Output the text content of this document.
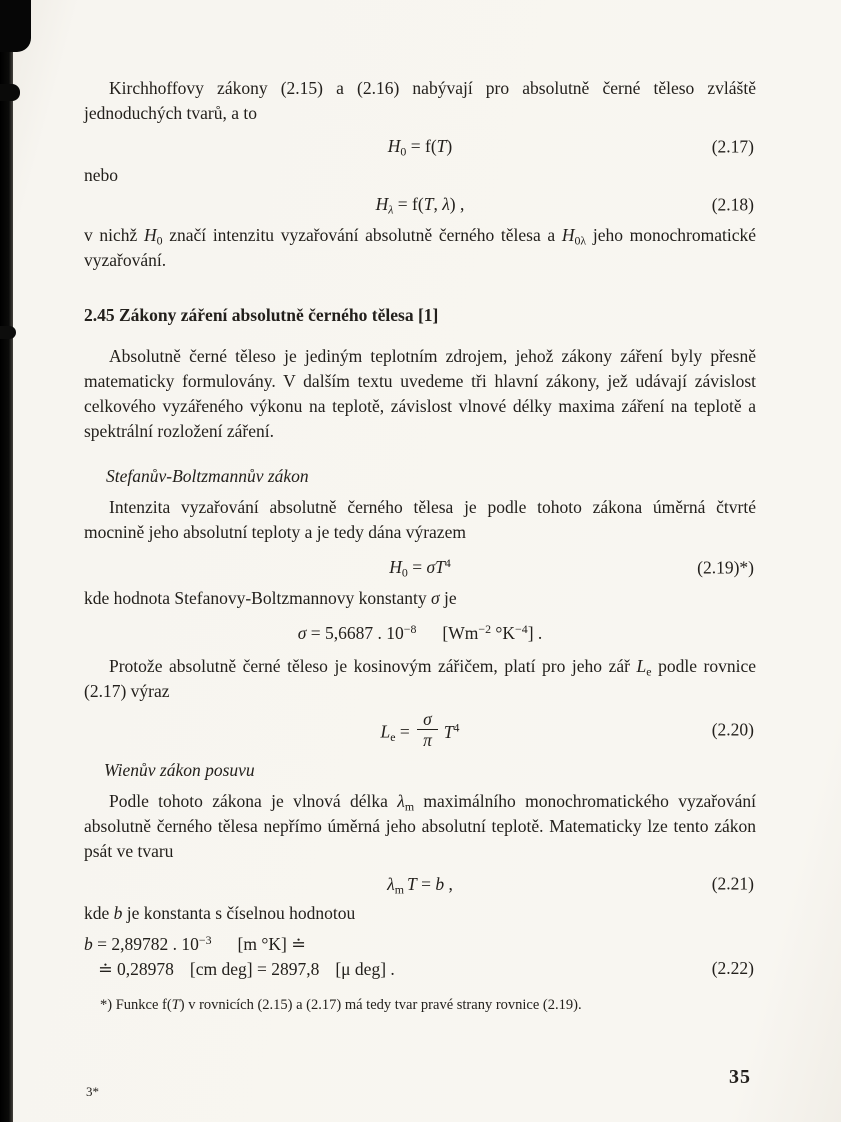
Kirchhoffovy zákony (2.15) a (2.16) nabývají pro absolutně černé těleso zvláště jednoduchých tvarů, a to

$H_0 = f(T)$	(2.17)

nebo

$H_\lambda = f(T$, λ) ,	(2.18)

v nichž $H_0$ značí intenzitu vyzařování absolutně černého tělesa a $H_{0\lambda}$ jeho monochromatické vyzařování.

2.45 Zákony záření absolutně černého tělesa [1]

Absolutně černé těleso je jediným teplotním zdrojem, jehož zákony záření byly přesně matematicky formulovány. V dalším textu uvedeme tři hlavní zákony, jež udávají závislost celkového vyzářeného výkonu na teplotě, závislost vlnové délky maxima záření na teplotě a spektrální rozložení záření.

Stefanův-Boltzmannův zákon

Intenzita vyzařování absolutně černého tělesa je podle tohoto zákona úměrná čtvrté mocnině jeho absolutní teploty a je tedy dána výrazem

$H_0 = \sigma T^4$	(2.19)*)

kde hodnota Stefanovy-Boltzmannovy konstanty σ je

σ = 5,6687 . $10^{-8}$ [$Wm^{-2}$ $^\circ K^{-4}$] .

Protože absolutně černé těleso je kosinovým zářičem, platí pro jeho zář $L_e$ podle rovnice (2.17) výraz

$L_e = \frac{\sigma}{\pi} T^4$	(2.20)

Wienův zákon posuvu

Podle tohoto zákona je vlnová délka $\lambda_m$ maximálního monochromatického vyzařování absolutně černého tělesa nepřímo úměrná jeho absolutní teplotě. Matematicky lze tento zákon psát ve tvaru

$\lambda_m$ T = b ,	(2.21)

kde b je konstanta s číselnou hodnotou

b = 2,89782 . $10^{-3}$ [m °K] ≐
≐ 0,28978 [cm deg] = 2897,8 [μ deg] .	(2.22)

*) Funkce f(T) v rovnicích (2.15) a (2.17) má tedy tvar pravé strany rovnice (2.19).

3*
35
